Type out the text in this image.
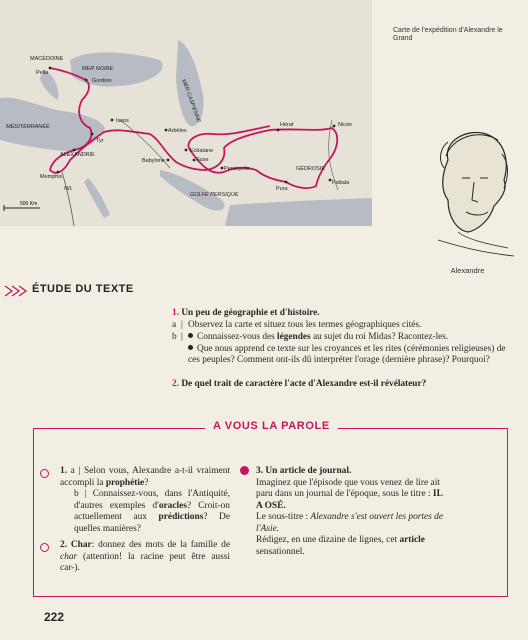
MER NOIRE
MÉDITERRANÉE
MER CASPIENNE
MACÉDOINE
Pella
Gordion
Issos
Tyr
ALEXANDRIE
Memphis
NIL
Arbèles
Babylone
Ecbatane
Suse
Persépolis
GOLFE PERSIQUE
Hérat	Nicée
GÉDROSIE
Pura
Pattala
500 Km
Carte de l'expédition d'Alexandre le Grand
Alexandre
ÉTUDE DU TEXTE
1. Un peu de géographie et d'histoire.
a | Observez la carte et situez tous les termes géographiques cités.
b |	Connaissez-vous des légendes au sujet du roi Midas? Racontez-les.
Que nous apprend ce texte sur les croyances et les rites (cérémonies religieuses) de ces peuples? Comment ont-ils dû interpréter l'orage (dernière phrase)? Pourquoi?
2. De quel trait de caractère l'acte d'Alexandre est-il révélateur?
A VOUS LA PAROLE
1. a | Selon vous, Alexandre a-t-il vraiment accompli la prophétie?
b | Connaissez-vous, dans l'Antiquité, d'autres exemples d'oracles? Croit-on actuellement aux prédictions? De quelles manières?
2. Char: donnez des mots de la famille de char (attention! la racine peut être aussi car-).
3. Un article de journal.
Imaginez que l'épisode que vous venez de lire ait paru dans un journal de l'époque, sous le titre : IL A OSÉ.
Le sous-titre : Alexandre s'est ouvert les portes de l'Asie.
Rédigez, en une dizaine de lignes, cet article sensationnel.
222
